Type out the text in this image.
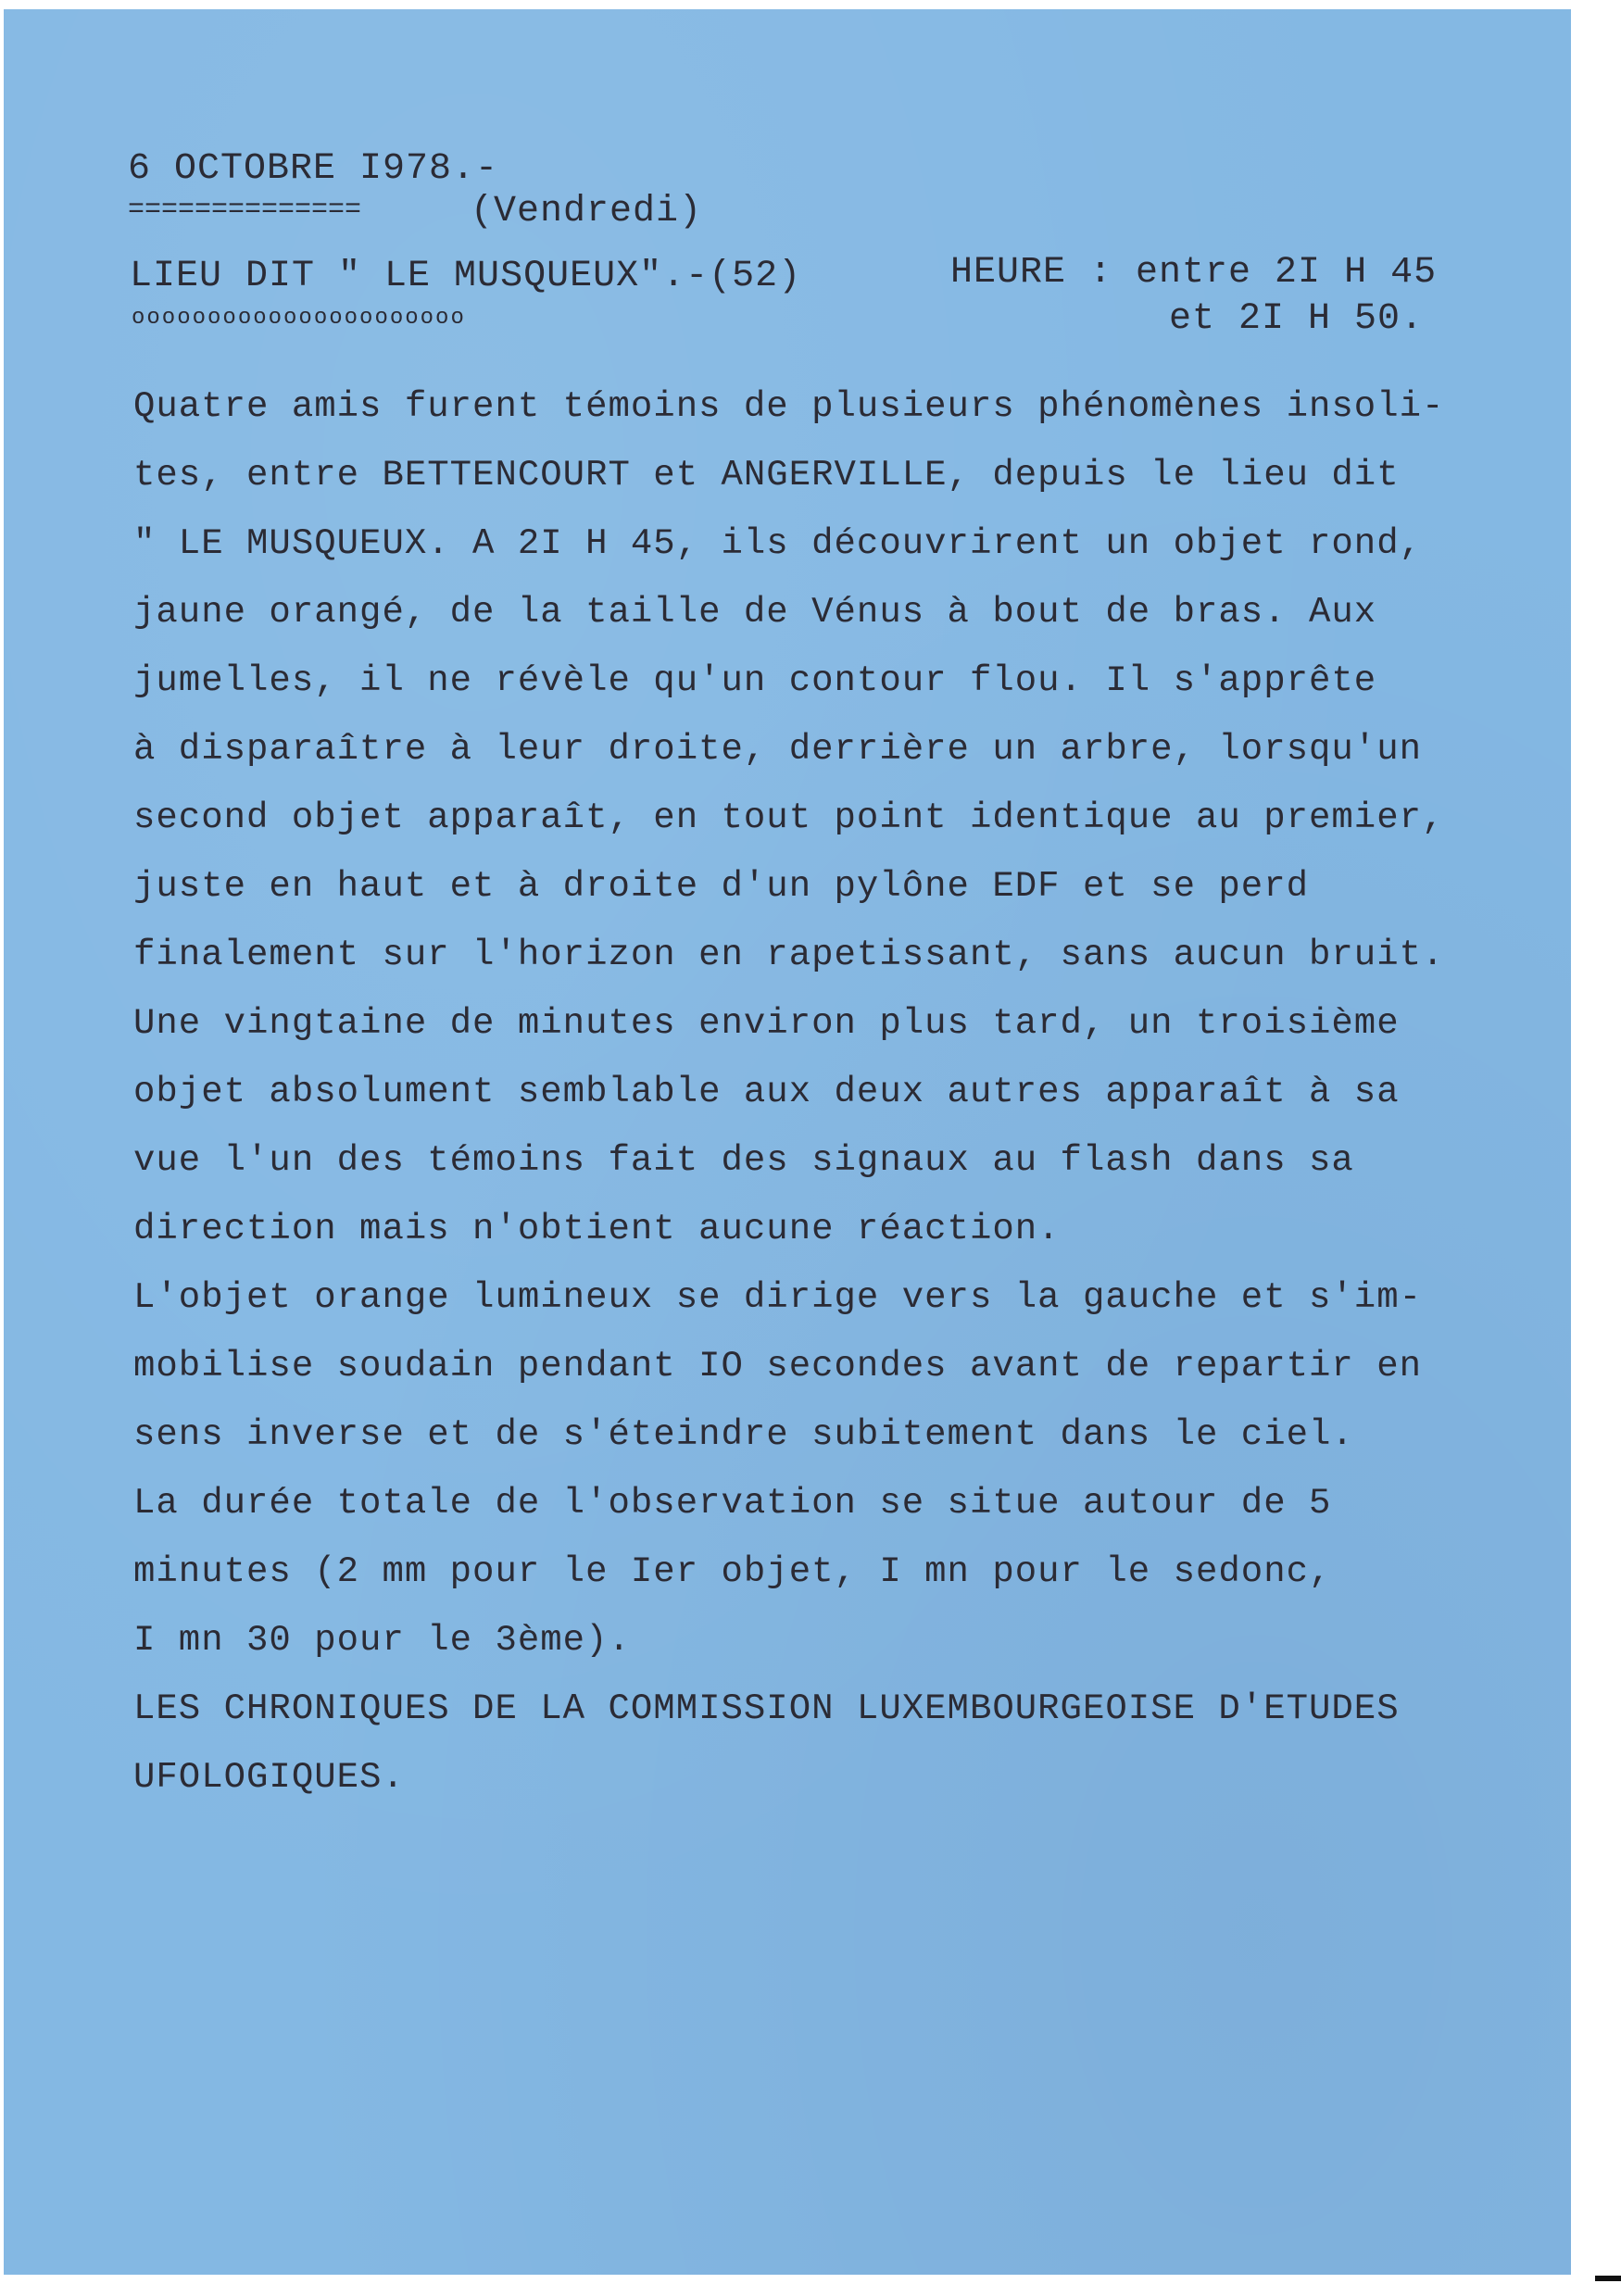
6 OCTOBRE I978.-
==============	(Vendredi)
LIEU DIT " LE MUSQUEUX".-(52)
oooooooooooooooooooooo
HEURE : entre 2I H 45
et 2I H 50.
Quatre amis furent témoins de plusieurs phénomènes insoli-
tes, entre BETTENCOURT et ANGERVILLE, depuis le lieu dit
" LE MUSQUEUX. A 2I H 45, ils découvrirent un objet rond,
jaune orangé, de la taille de Vénus à bout de bras. Aux
jumelles, il ne révèle qu'un contour flou. Il s'apprête
à disparaître à leur droite, derrière un arbre, lorsqu'un
second objet apparaît, en tout point identique au premier,
juste en haut et à droite d'un pylône EDF et se perd
finalement sur l'horizon en rapetissant, sans aucun bruit.
Une vingtaine de minutes environ plus tard, un troisième
objet absolument semblable aux deux autres apparaît à sa
vue l'un des témoins fait des signaux au flash dans sa
direction mais n'obtient aucune réaction.
L'objet orange lumineux se dirige vers la gauche et s'im-
mobilise soudain pendant IO secondes avant de repartir en
sens inverse et de s'éteindre subitement dans le ciel.
La durée totale de l'observation se situe autour de 5
minutes (2 mm pour le Ier objet, I mn pour le sedonc,
I mn 30 pour le 3ème).
LES CHRONIQUES DE LA COMMISSION LUXEMBOURGEOISE D'ETUDES
UFOLOGIQUES.
